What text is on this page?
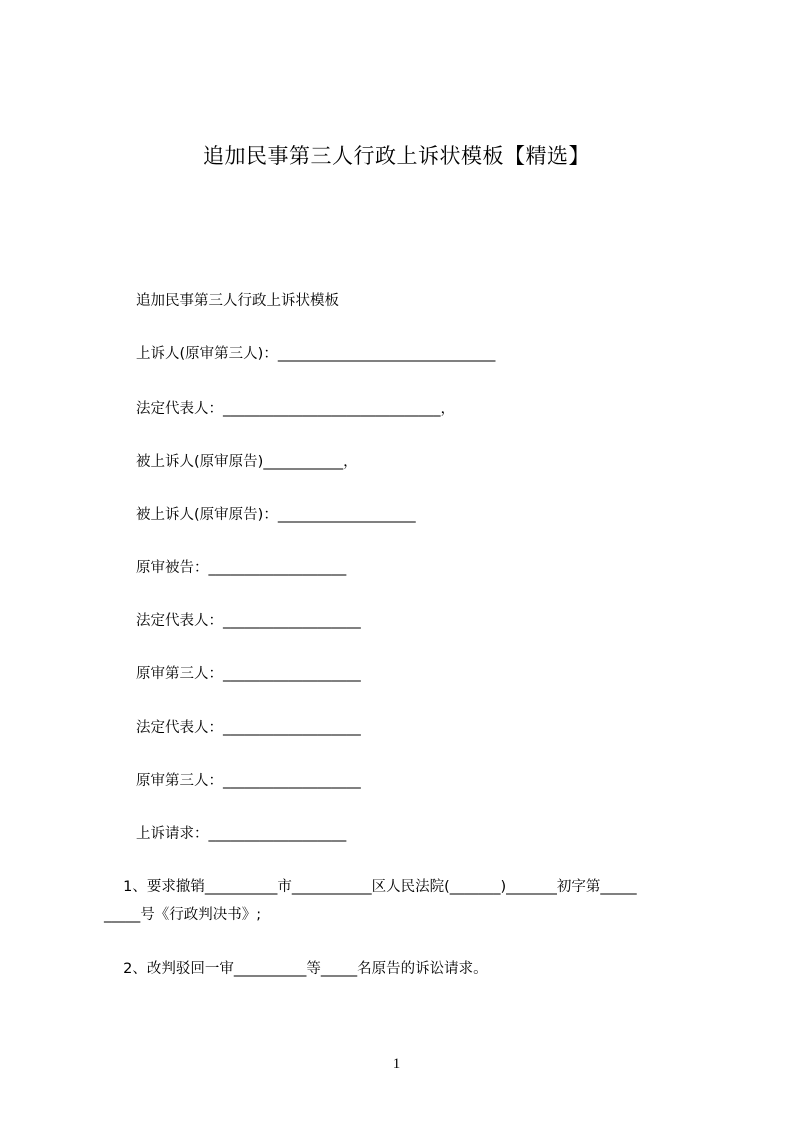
追加民事第三人行政上诉状模板【精选】
追加民事第三人行政上诉状模板
上诉人(原审第三人)：______________________________
法定代表人：______________________________，
被上诉人(原审原告)___________，
被上诉人(原审原告)：___________________
原审被告：___________________
法定代表人：___________________
原审第三人：___________________
法定代表人：___________________
原审第三人：___________________
上诉请求：___________________
　 1、要求撤销__________市___________区人民法院(_______)_______初字第_____
_____号《行政判决书》;
　 2、改判驳回一审__________等_____名原告的诉讼请求。
1
